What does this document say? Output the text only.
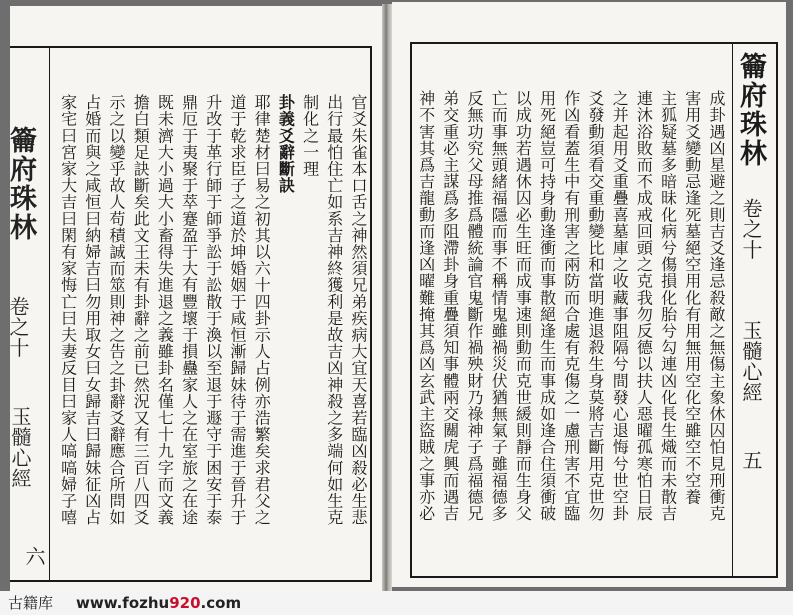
籥府珠林
卷之十
玉髓心經
六
官爻朱雀本口舌之神然須兄弟疾病大宜天喜若臨凶殺必生悲
出行最怕住亡如系吉神終獲利是故吉凶神殺之多端何如生克
制化之一理
卦義爻辭斷訣
耶律楚材曰易之初其以六十四卦示人占例亦浩繁矣求君父之
道于乾求臣子之道於坤婚姻于咸恒漸歸妹待于需進于晉升于
升改于革行師于師爭訟于訟散于渙以至退于遯守于困安于泰
鼎厄于夷聚于萃蹇盈于大有豐壞于損蠱家人之在室旅之在途
既未濟大小過大小畜得失進退之義雖卦名僅七十九字而文義
擔白類足訣斷矣此文王未有卦辭之前已然況又有三百八四爻
示之以變乎故人苟積誠而筮則神之告之卦辭爻辭應合所問如
占婚而與之咸恒曰納婦吉曰勿用取女曰女歸吉曰歸妹征凶占
家宅曰宮家大吉曰閑有家悔亡曰夫妻反目曰家人嗃嗃婦子嘻	籥府珠林
卷之十
玉髓心經
五
成卦遇凶星避之則吉爻逢忌殺敵之無傷主象休囚怕見刑衝克
害用爻變動忌逢死墓絕空用化有用無用空化空雖空不空養
主狐疑墓多暗昧化病兮傷損化胎兮勾連凶化長生熾而未散吉
連沐浴敗而不成戒回頭之克我勿反德以扶人惡曜孤寒怕日辰
之并起用爻重疊喜墓庫之收藏事阻隔兮間發心退悔兮世空卦
爻發動須看交重動變比和當明進退殺生身莫將吉斷用克世勿
作凶看蓋生中有刑害之兩防而合處有克傷之一慮刑害不宜臨
用死絕豈可持身動逢衝而事散絕逢生而事成如逢合住須衝破
以成功若遇休囚必生旺而成事速則動而克世緩則靜而生身父
亡而事無頭緒福隱而事不稱情鬼雖禍災伏猶無氣子雖福德多
反無功究父母推爲體統論官鬼斷作禍殃財乃祿神子爲福德兄
弟交重必主謀爲多阻滯卦身重疊須知事體兩交關虎興而遇吉
神不害其爲吉龍動而逢凶曜難掩其爲凶玄武主盜賊之事亦必
古籍库 www.fozhu920.com
